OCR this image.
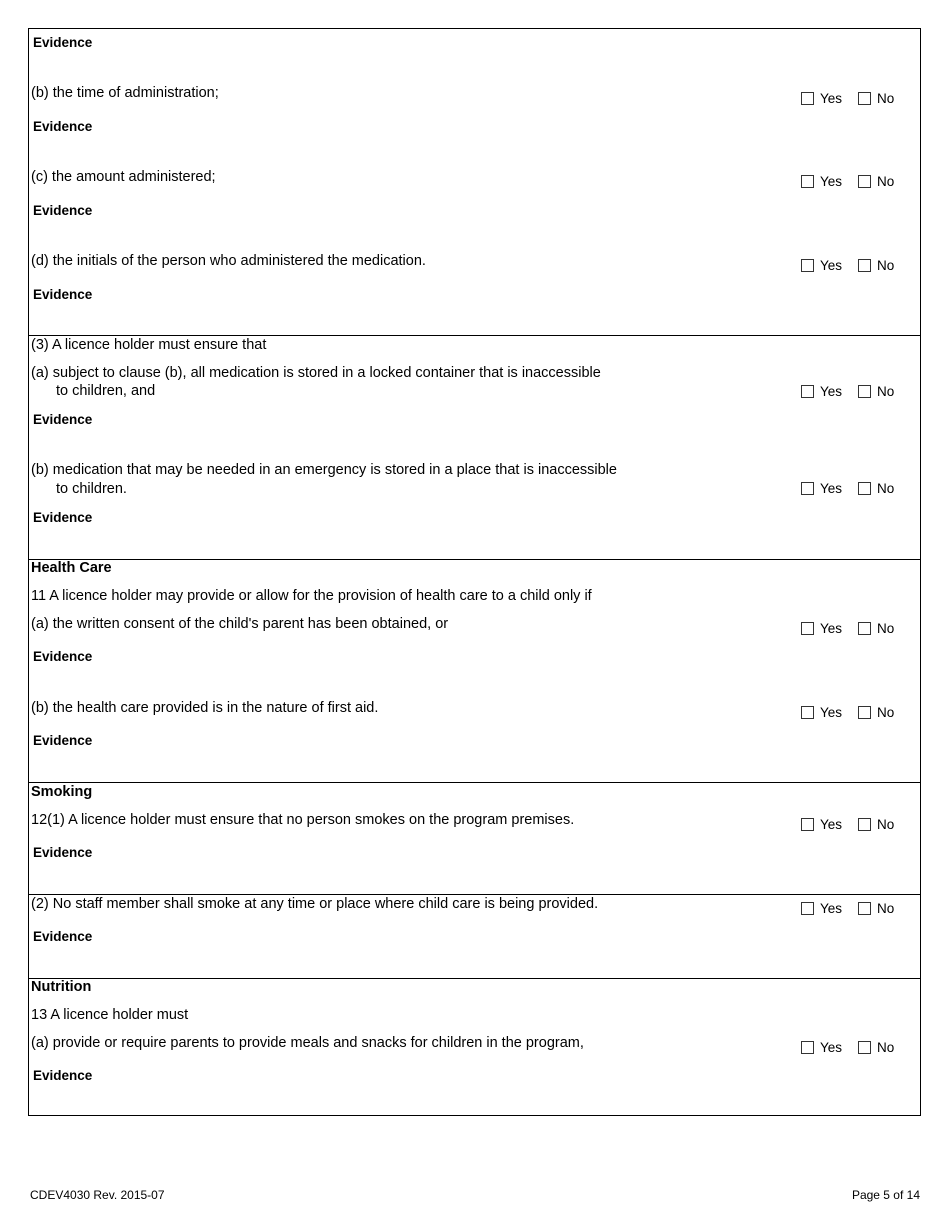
Evidence
(b) the time of administration;	Yes	No
Evidence
(c) the amount administered;	Yes	No
Evidence
(d) the initials of the person who administered the medication.	Yes	No
Evidence
(3) A licence holder must ensure that
(a) subject to clause (b), all medication is stored in a locked container that is inaccessible
to children, and	Yes	No
Evidence
(b) medication that may be needed in an emergency is stored in a place that is inaccessible
to children.	Yes	No
Evidence
Health Care
11 A licence holder may provide or allow for the provision of health care to a child only if
(a) the written consent of the child's parent has been obtained, or	Yes	No
Evidence
(b) the health care provided is in the nature of first aid.	Yes	No
Evidence
Smoking
12(1) A licence holder must ensure that no person smokes on the program premises.	Yes	No
Evidence
(2) No staff member shall smoke at any time or place where child care is being provided.	Yes	No
Evidence
Nutrition
13 A licence holder must
(a) provide or require parents to provide meals and snacks for children in the program,	Yes	No
Evidence
CDEV4030 Rev. 2015-07	Page 5 of 14
